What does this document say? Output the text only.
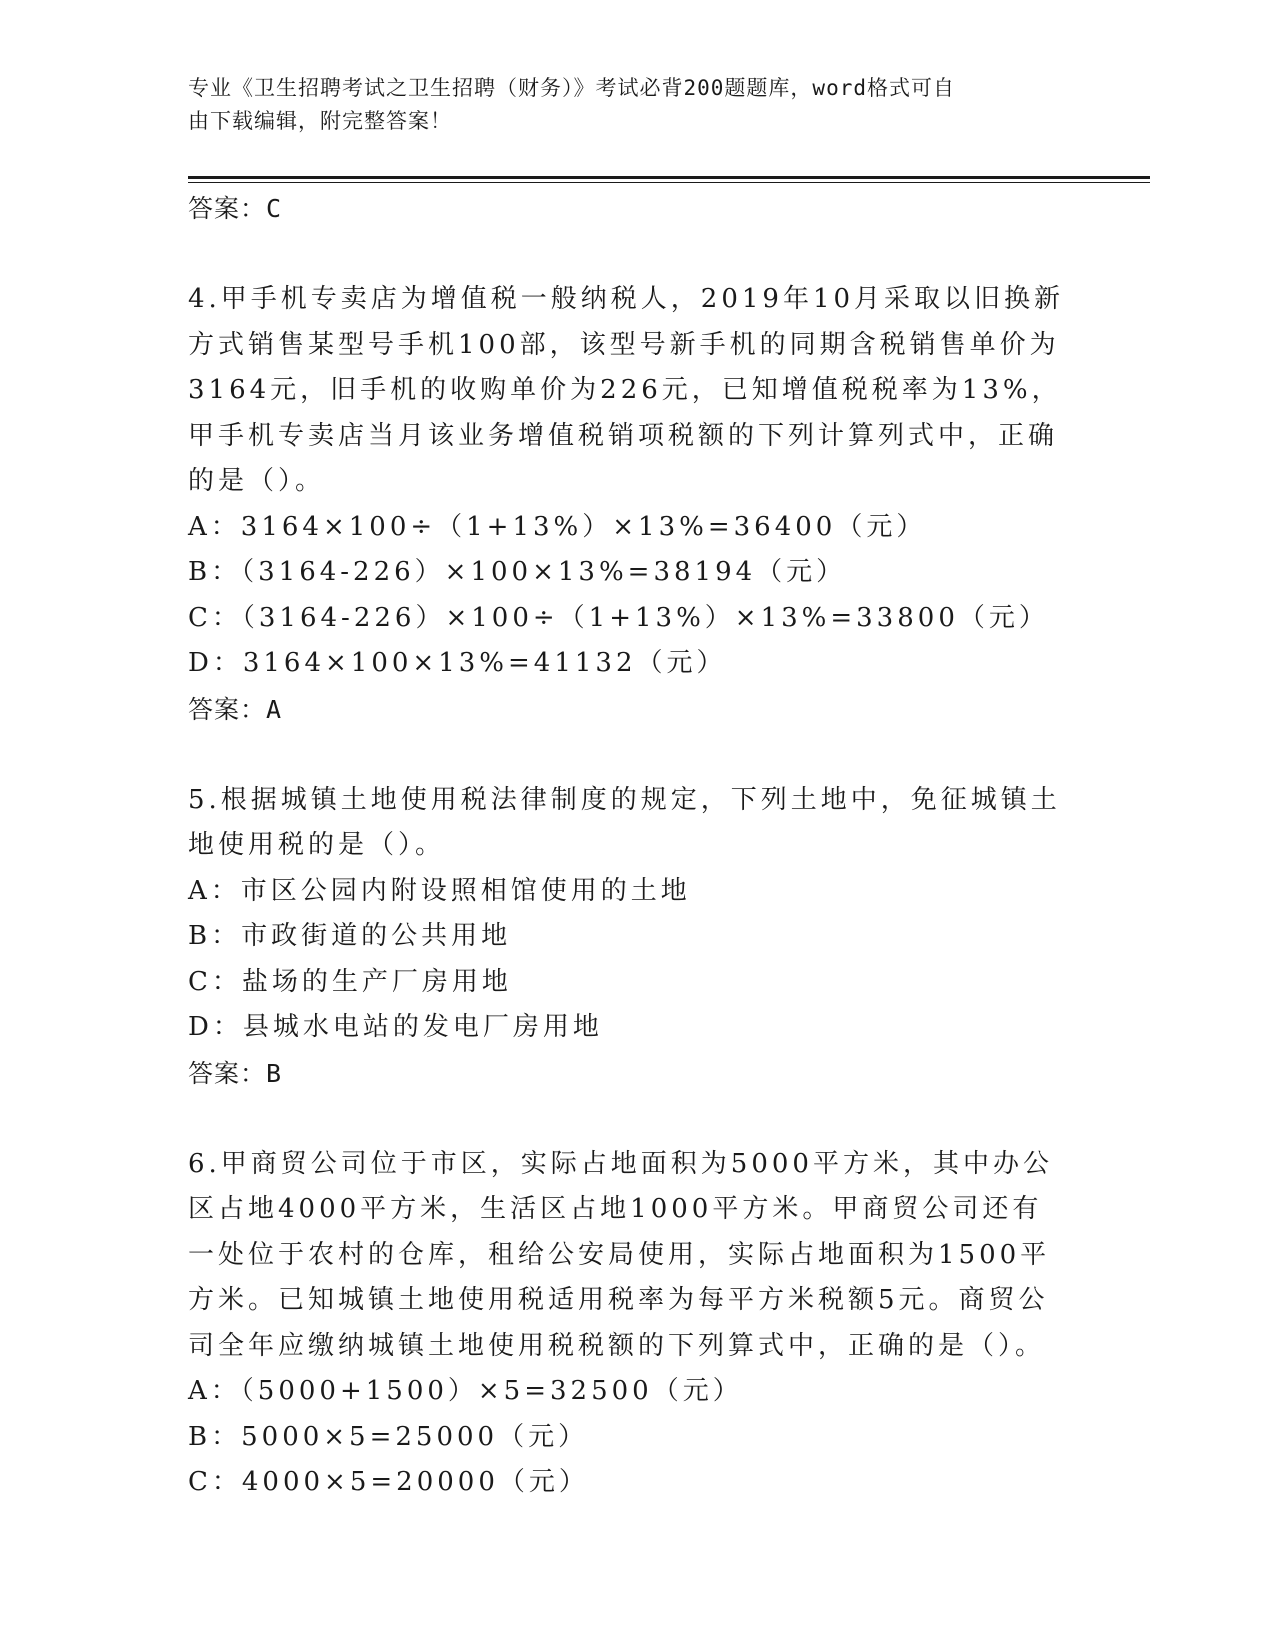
专业《卫生招聘考试之卫生招聘（财务）》考试必背200题题库，word格式可自
由下载编辑，附完整答案！
答案：C
4.甲手机专卖店为增值税一般纳税人，2019年10月采取以旧换新方式销售某型号手机100部，该型号新手机的同期含税销售单价为3164元，旧手机的收购单价为226元，已知增值税税率为13%，甲手机专卖店当月该业务增值税销项税额的下列计算列式中，正确的是（）。
A：3164×100÷（1+13%）×13%=36400（元）
B：（3164-226）×100×13%=38194（元）
C：（3164-226）×100÷（1+13%）×13%=33800（元）
D：3164×100×13%=41132（元）
答案：A
5.根据城镇土地使用税法律制度的规定，下列土地中，免征城镇土地使用税的是（）。
A：市区公园内附设照相馆使用的土地
B：市政街道的公共用地
C：盐场的生产厂房用地
D：县城水电站的发电厂房用地
答案：B
6.甲商贸公司位于市区，实际占地面积为5000平方米，其中办公区占地4000平方米，生活区占地1000平方米。甲商贸公司还有一处位于农村的仓库，租给公安局使用，实际占地面积为1500平方米。已知城镇土地使用税适用税率为每平方米税额5元。商贸公司全年应缴纳城镇土地使用税税额的下列算式中，正确的是（）。
A：（5000+1500）×5=32500（元）
B：5000×5=25000（元）
C：4000×5=20000（元）
